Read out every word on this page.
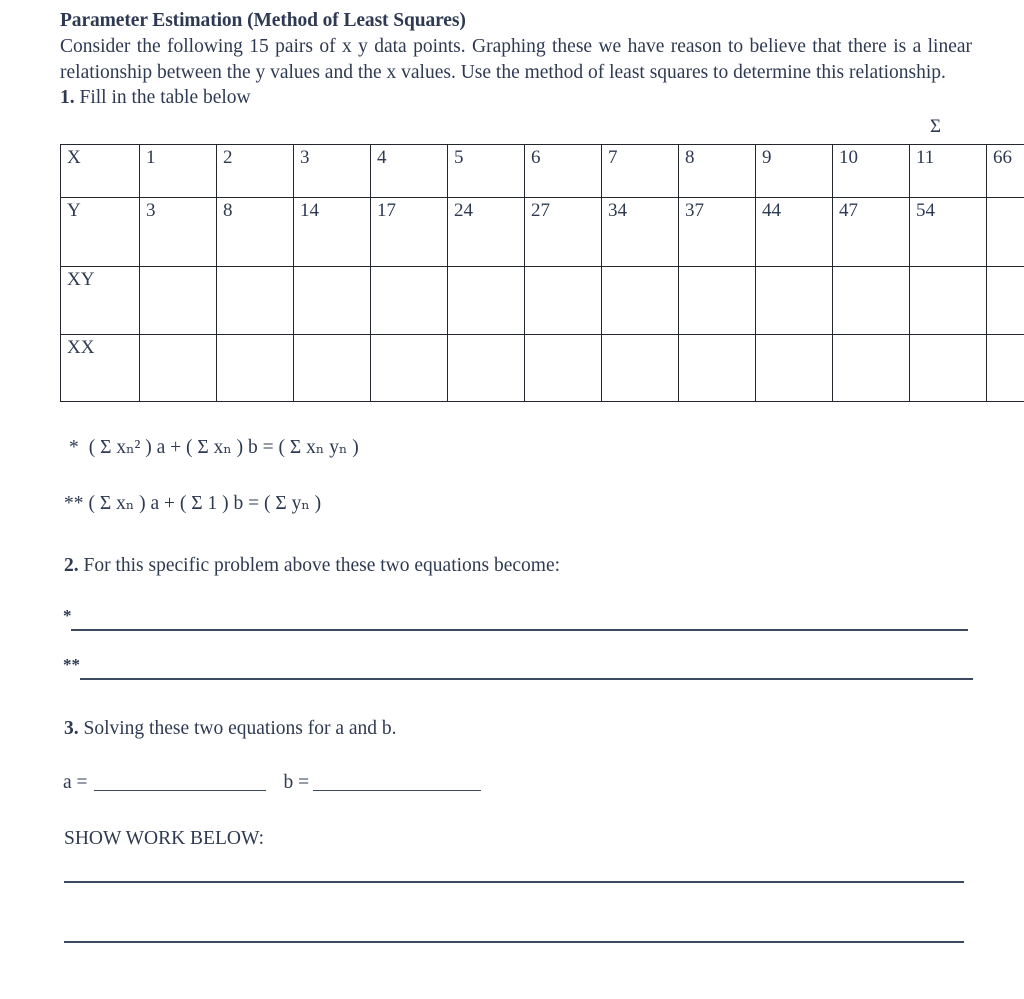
Parameter Estimation (Method of Least Squares)

Consider the following 15 pairs of x y data points. Graphing these we have reason to believe that there is a linear relationship between the y values and the x values. Use the method of least squares to determine this relationship.

1. Fill in the table below

Σ
X	1	2	3	4	5	6	7	8	9	10	11	66
Y	3	8	14	17	24	27	34	37	44	47	54	
XY												
XX												

* ( Σ xₙ² ) a + ( Σ xₙ ) b = ( Σ xₙ yₙ )

** ( Σ xₙ ) a + ( Σ 1 ) b = ( Σ yₙ )

2. For this specific problem above these two equations become:

*
**

3. Solving these two equations for a and b.

a =	b =
SHOW WORK BELOW:
